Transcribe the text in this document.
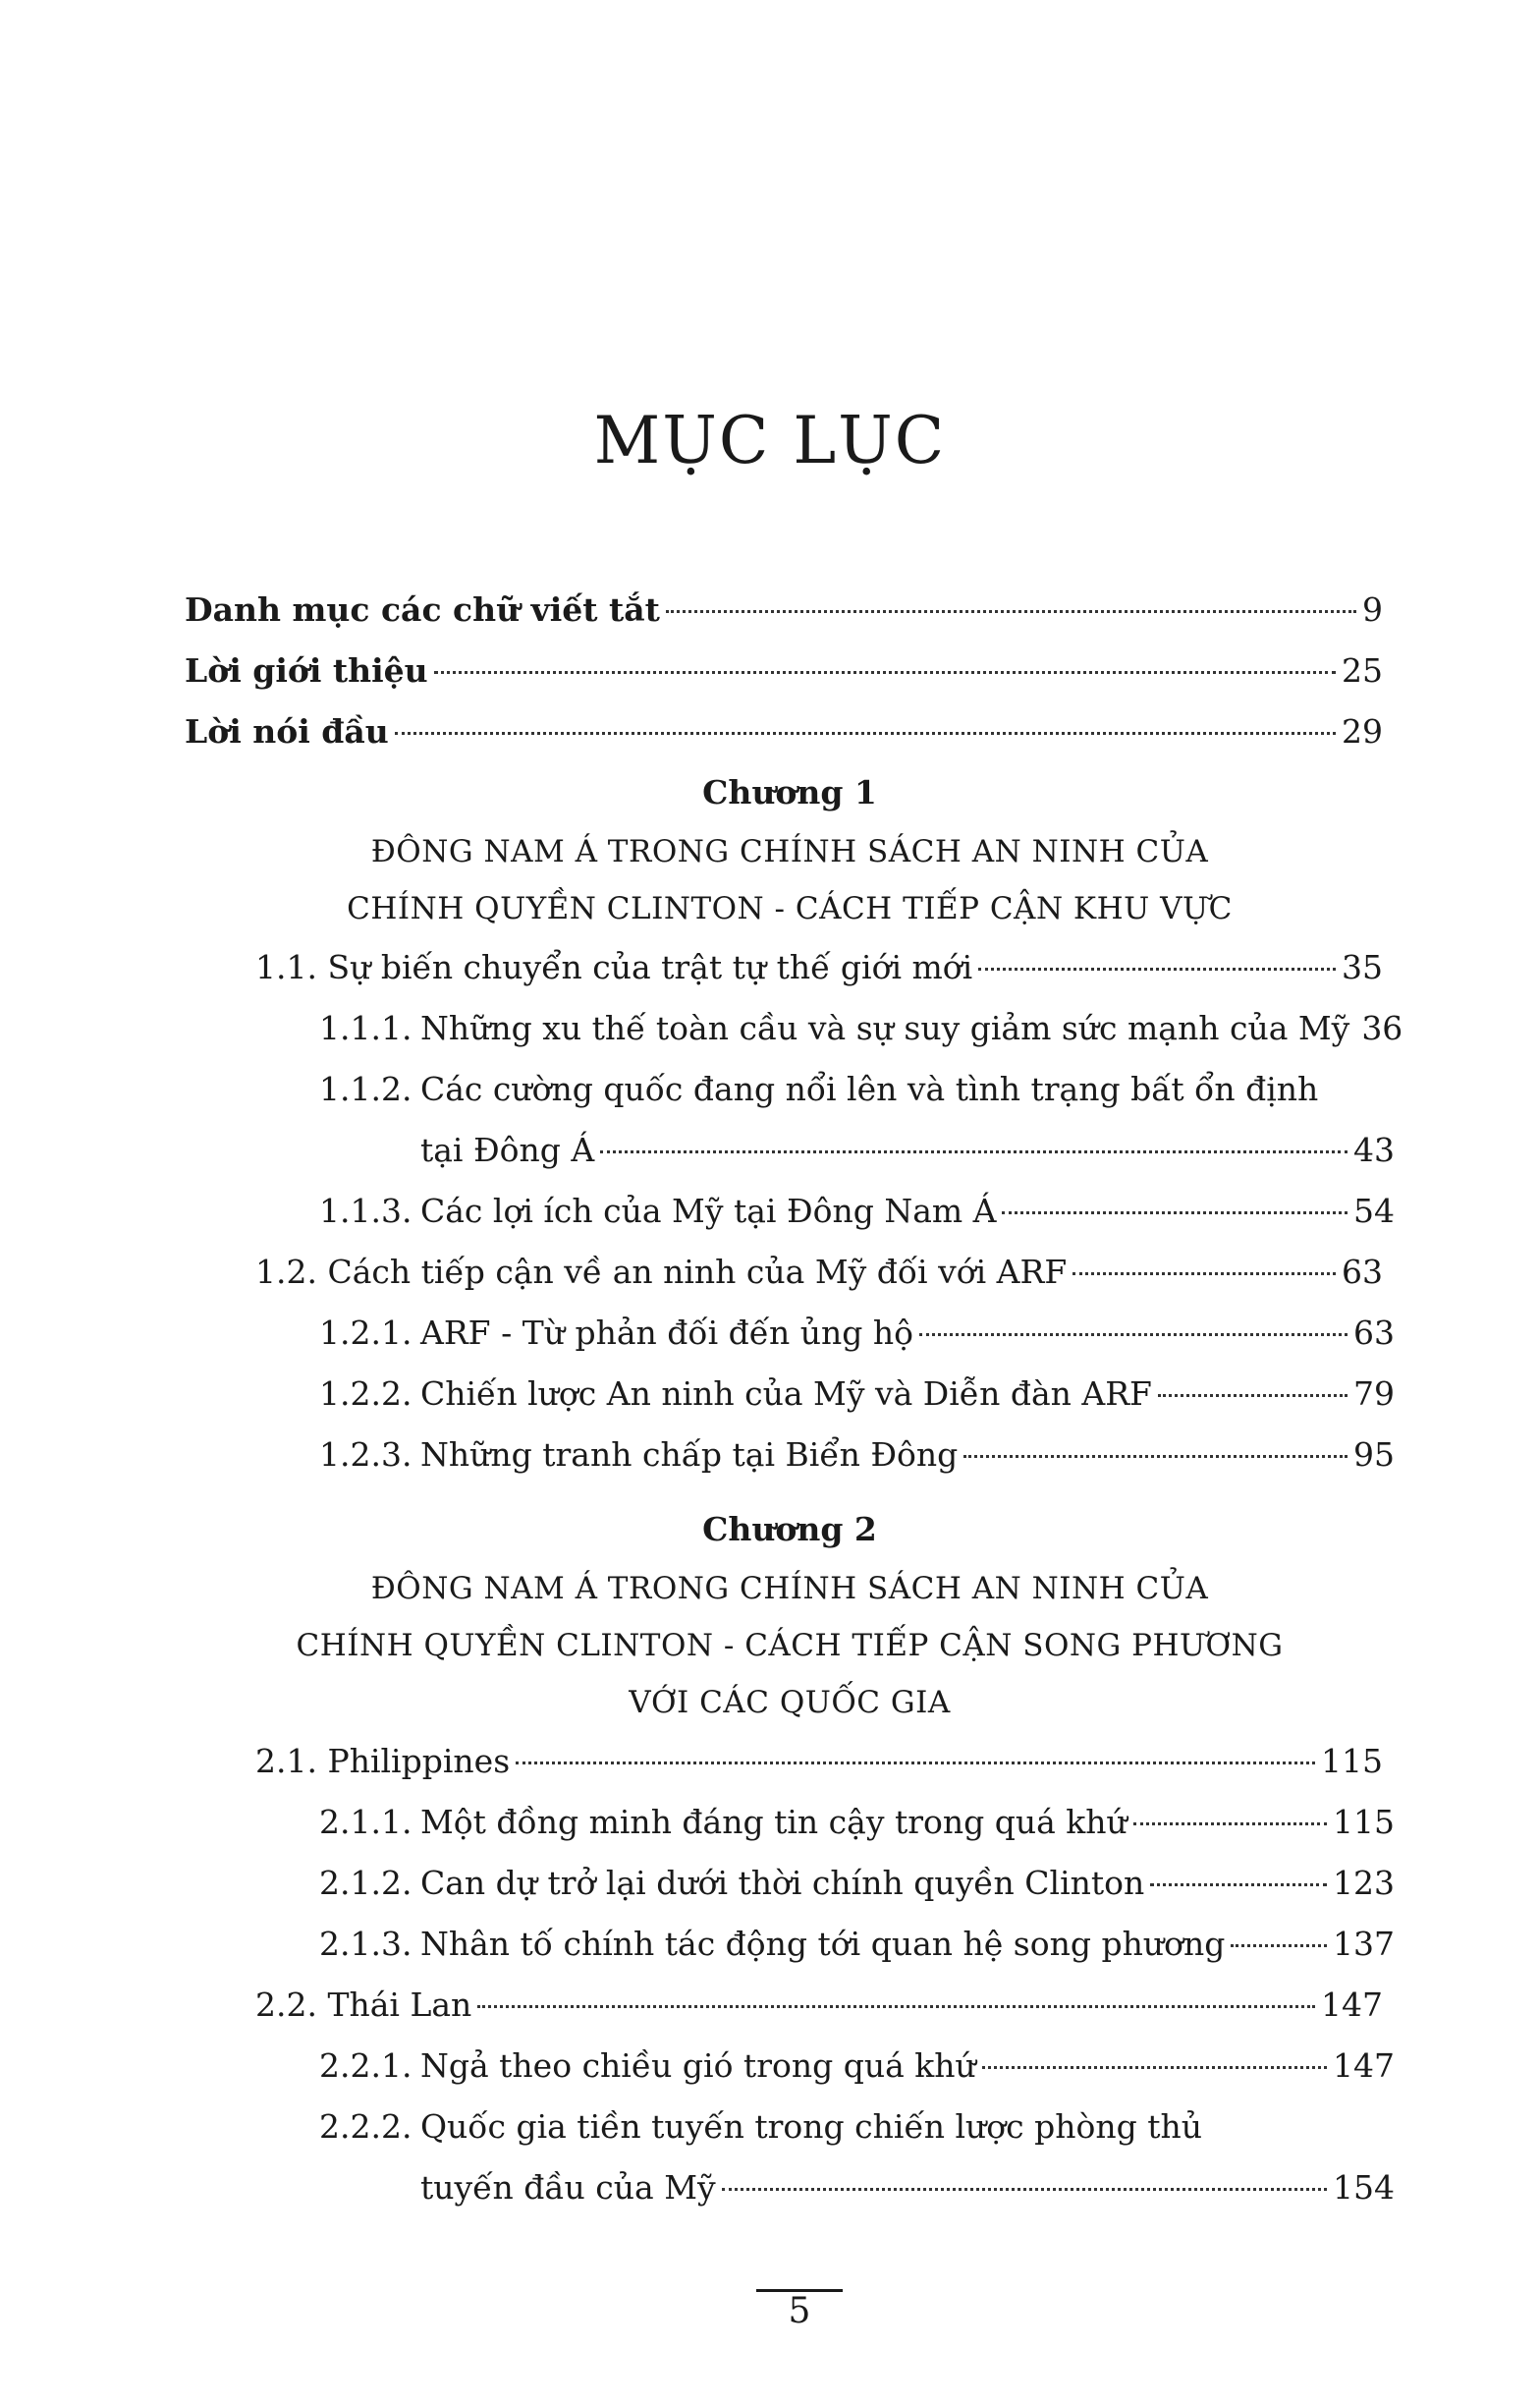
MỤC LỤC
Danh mục các chữ viết tắt	9
Lời giới thiệu	25
Lời nói đầu	29
Chương 1
ĐÔNG NAM Á TRONG CHÍNH SÁCH AN NINH CỦA
CHÍNH QUYỀN CLINTON - CÁCH TIẾP CẬN KHU VỰC
1.1. Sự biến chuyển của trật tự thế giới mới	35
1.1.1. Những xu thế toàn cầu và sự suy giảm sức mạnh của Mỹ 36
1.1.2. Các cường quốc đang nổi lên và tình trạng bất ổn định
tại Đông Á	43
1.1.3. Các lợi ích của Mỹ tại Đông Nam Á	54
1.2. Cách tiếp cận về an ninh của Mỹ đối với ARF	63
1.2.1. ARF - Từ phản đối đến ủng hộ	63
1.2.2. Chiến lược An ninh của Mỹ và Diễn đàn ARF	79
1.2.3. Những tranh chấp tại Biển Đông	95
Chương 2
ĐÔNG NAM Á TRONG CHÍNH SÁCH AN NINH CỦA
CHÍNH QUYỀN CLINTON - CÁCH TIẾP CẬN SONG PHƯƠNG
VỚI CÁC QUỐC GIA
2.1. Philippines	115
2.1.1. Một đồng minh đáng tin cậy trong quá khứ	115
2.1.2. Can dự trở lại dưới thời chính quyền Clinton	123
2.1.3. Nhân tố chính tác động tới quan hệ song phương	137
2.2. Thái Lan	147
2.2.1. Ngả theo chiều gió trong quá khứ	147
2.2.2. Quốc gia tiền tuyến trong chiến lược phòng thủ
tuyến đầu của Mỹ	154
5
